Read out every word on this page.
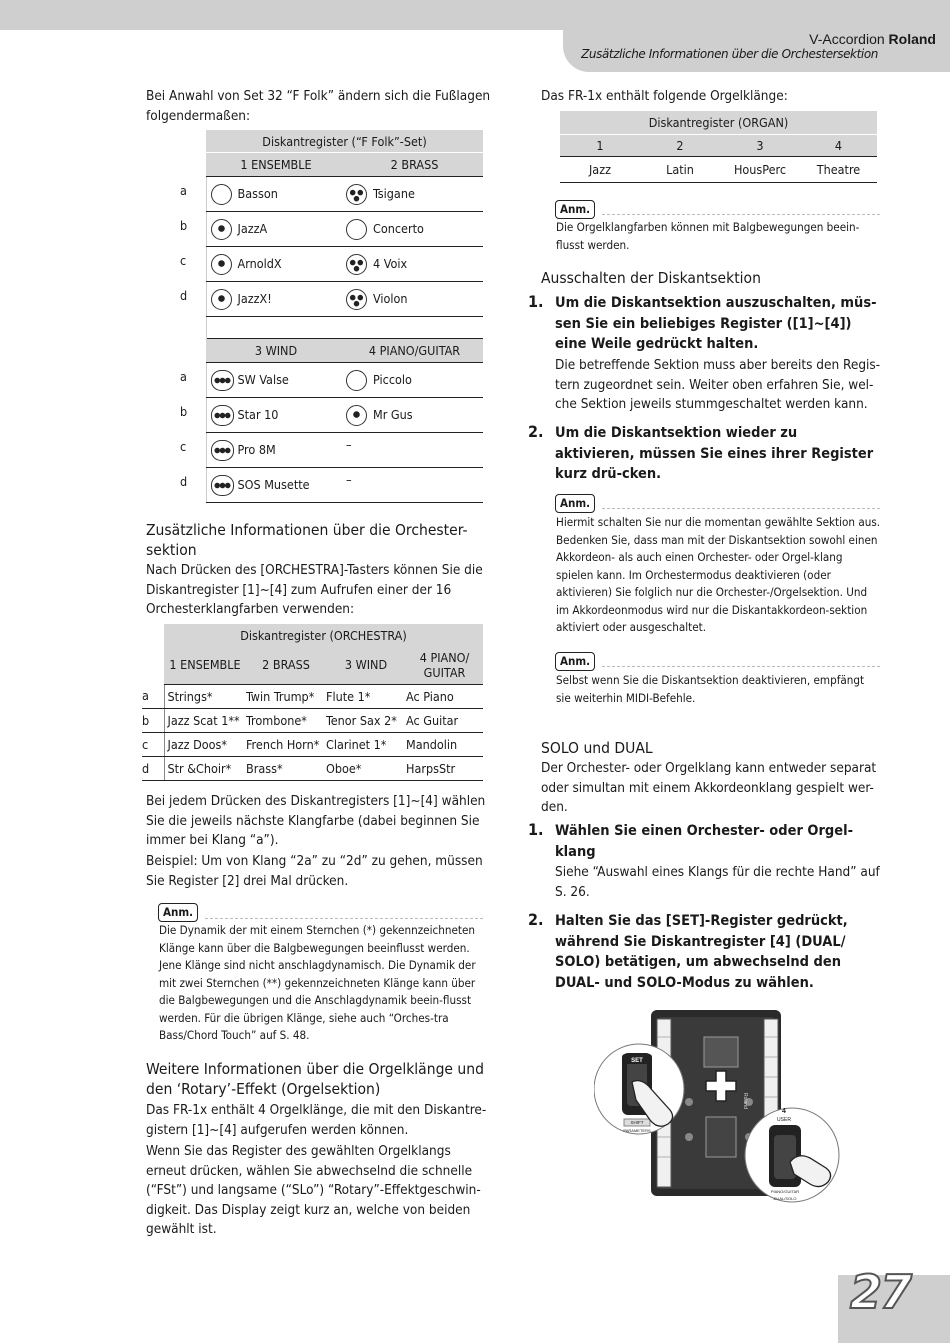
V-Accordion Roland
Zusätzliche Informationen über die Orchestersektion
Bei Anwahl von Set 32 “F Folk” ändern sich die Fußlagen folgendermaßen:
	Diskantregister (“F Folk”-Set)	
	1 ENSEMBLE	2 BRASS
a	Basson	Tsigane
b	JazzA	Concerto
c	ArnoldX	4 Voix
d	JazzX!	Violon

	3 WIND	4 PIANO/GUITAR
a	SW Valse	Piccolo
b	Star 10	Mr Gus
c	Pro 8M	–
d	SOS Musette	–
Zusätzliche Informationen über die Orchester-sektion
Nach Drücken des [ORCHESTRA]-Tasters können Sie die Diskantregister [1]~[4] zum Aufrufen einer der 16 Orchesterklangfarben verwenden:
	Diskantregister (ORCHESTRA)			
	1 ENSEMBLE	2 BRASS	3 WIND	4 PIANO/ GUITAR
a	Strings*	Twin Trump*	Flute 1*	Ac Piano
b	Jazz Scat 1**	Trombone*	Tenor Sax 2*	Ac Guitar
c	Jazz Doos*	French Horn*	Clarinet 1*	Mandolin
d	Str &Choir*	Brass*	Oboe*	HarpsStr
Bei jedem Drücken des Diskantregisters [1]~[4] wählen Sie die jeweils nächste Klangfarbe (dabei beginnen Sie immer bei Klang “a”).
Beispiel: Um von Klang “2a” zu “2d” zu gehen, müssen Sie Register [2] drei Mal drücken.
Anm.
Die Dynamik der mit einem Sternchen (*) gekennzeichneten Klänge kann über die Balgbewegungen beeinflusst werden. Jene Klänge sind nicht anschlagdynamisch. Die Dynamik der mit zwei Sternchen (**) gekennzeichneten Klänge kann über die Balgbewegungen und die Anschlagdynamik beein-flusst werden. Für die übrigen Klänge, siehe auch “Orches-tra Bass/Chord Touch” auf S. 48.
Weitere Informationen über die Orgelklänge und den ‘Rotary’-Effekt (Orgelsektion)
Das FR-1x enthält 4 Orgelklänge, die mit den Diskantre-gistern [1]~[4] aufgerufen werden können.
Wenn Sie das Register des gewählten Orgelklangs erneut drücken, wählen Sie abwechselnd die schnelle (“FSt”) und langsame (“SLo”) “Rotary”-Effektgeschwin-digkeit. Das Display zeigt kurz an, welche von beiden gewählt ist.
Das FR-1x enthält folgende Orgelklänge:
Diskantregister (ORGAN)			
1	2	3	4
Jazz	Latin	HousPerc	Theatre
Anm.
Die Orgelklangfarben können mit Balgbewegungen beein-flusst werden.
Ausschalten der Diskantsektion
1. Um die Diskantsektion auszuschalten, müs-sen Sie ein beliebiges Register ([1]~[4]) eine Weile gedrückt halten.
Die betreffende Sektion muss aber bereits den Regis-tern zugeordnet sein. Weiter oben erfahren Sie, wel-che Sektion jeweils stummgeschaltet werden kann.
2. Um die Diskantsektion wieder zu aktivieren, müssen Sie eines ihrer Register kurz drü-cken.
Anm.
Hiermit schalten Sie nur die momentan gewählte Sektion aus. Bedenken Sie, dass man mit der Diskantsektion sowohl einen Akkordeon- als auch einen Orchester- oder Orgel-klang spielen kann. Im Orchestermodus deaktivieren (oder aktivieren) Sie folglich nur die Orchester-/Orgelsektion. Und im Akkordeonmodus wird nur die Diskantakkordeon-sektion aktiviert oder ausgeschaltet.
Anm.
Selbst wenn Sie die Diskantsektion deaktivieren, empfängt sie weiterhin MIDI-Befehle.
SOLO und DUAL
Der Orchester- oder Orgelklang kann entweder separat oder simultan mit einem Akkordeonklang gespielt wer-den.
1. Wählen Sie einen Orchester- oder Orgel-klang
Siehe “Auswahl eines Klangs für die rechte Hand” auf S. 26.
2. Halten Sie das [SET]-Register gedrückt, während Sie Diskantregister [4] (DUAL/ SOLO) betätigen, um abwechselnd den DUAL- und SOLO-Modus zu wählen.
Roland
SET
SHIFT
PARAMETERS
4
USER
PIANO/GUITAR
DUAL/SOLO
27
